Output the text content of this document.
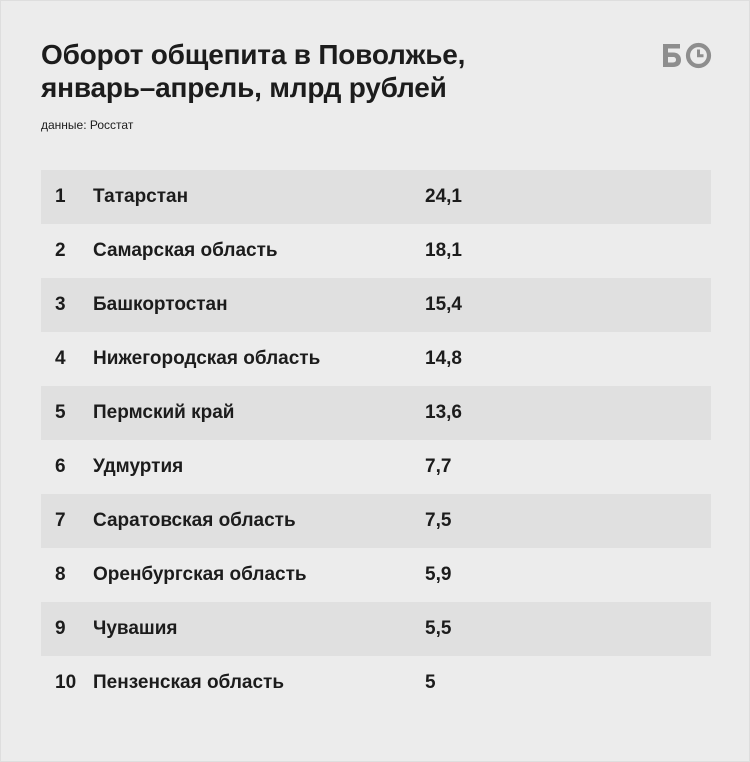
Оборот общепита в Поволжье,
январь–апрель, млрд рублей
данные: Росстат
1 Татарстан	24,1
2 Самарская область	18,1
3 Башкортостан	15,4
4 Нижегородская область	14,8
5 Пермский край	13,6
6 Удмуртия	7,7
7 Саратовская область	7,5
8 Оренбургская область	5,9
9 Чувашия	5,5
10 Пензенская область	5
